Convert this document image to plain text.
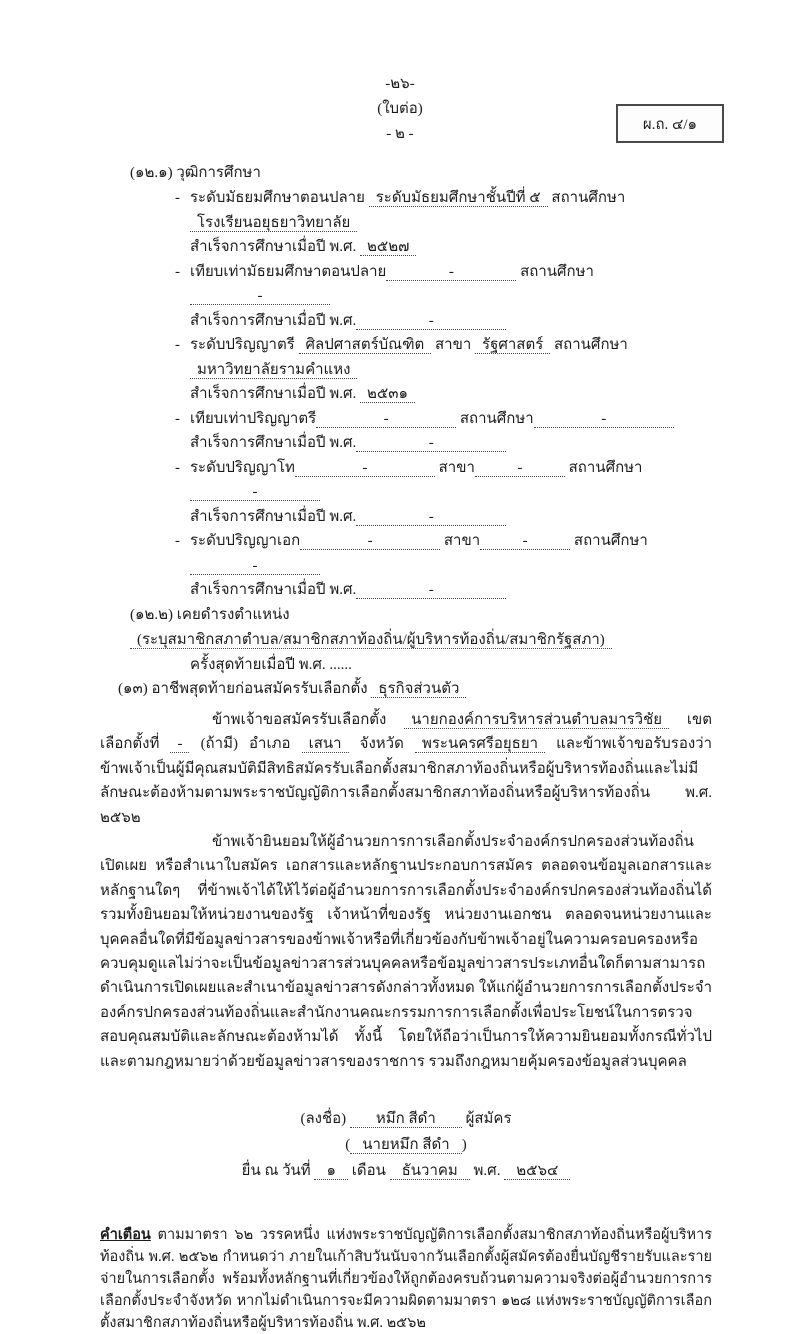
-๒๖-
(ใบต่อ)
- ๒ -
ผ.ถ. ๔/๑
(๑๒.๑) วุฒิการศึกษา
- ระดับมัธยมศึกษาตอนปลาย ระดับมัธยมศึกษาชั้นปีที่ ๕ สถานศึกษา โรงเรียนอยุธยาวิทยาลัย
สำเร็จการศึกษาเมื่อปี พ.ศ. ๒๕๒๗
- เทียบเท่ามัธยมศึกษาตอนปลาย	-	สถานศึกษา-
สำเร็จการศึกษาเมื่อปี พ.ศ.	-
- ระดับปริญญาตรี ศิลปศาสตร์บัณฑิต สาขา รัฐศาสตร์ สถานศึกษา มหาวิทยาลัยรามคำแหง
สำเร็จการศึกษาเมื่อปี พ.ศ. ๒๕๓๑
- เทียบเท่าปริญญาตรี	-	สถานศึกษา	-
สำเร็จการศึกษาเมื่อปี พ.ศ.	-
- ระดับปริญญาโท	-	สาขา	-	สถานศึกษา-
สำเร็จการศึกษาเมื่อปี พ.ศ.	-
- ระดับปริญญาเอก	-	สาขา	-	สถานศึกษา-
สำเร็จการศึกษาเมื่อปี พ.ศ.	-
(๑๒.๒) เคยดำรงตำแหน่ง (ระบุสมาชิกสภาตำบล/สมาชิกสภาท้องถิ่น/ผู้บริหารท้องถิ่น/สมาชิกรัฐสภา)
ครั้งสุดท้ายเมื่อปี พ.ศ. ......
(๑๓) อาชีพสุดท้ายก่อนสมัครรับเลือกตั้ง ธุรกิจส่วนตัว

ข้าพเจ้าขอสมัครรับเลือกตั้ง นายกองค์การบริหารส่วนตำบลมารวิชัย เขตเลือกตั้งที่ - (ถ้ามี) อำเภอ เสนา จังหวัด พระนครศรีอยุธยา และข้าพเจ้าขอรับรองว่า ข้าพเจ้าเป็นผู้มีคุณสมบัติมีสิทธิสมัครรับเลือกตั้งสมาชิกสภาท้องถิ่นหรือผู้บริหารท้องถิ่นและไม่มีลักษณะต้องห้ามตามพระราชบัญญัติการเลือกตั้งสมาชิกสภาท้องถิ่นหรือผู้บริหารท้องถิ่น พ.ศ. ๒๕๖๒

ข้าพเจ้ายินยอมให้ผู้อำนวยการการเลือกตั้งประจำองค์กรปกครองส่วนท้องถิ่นเปิดเผย หรือสำเนาใบสมัคร เอกสารและหลักฐานประกอบการสมัคร ตลอดจนข้อมูลเอกสารและหลักฐานใดๆ ที่ข้าพเจ้าได้ให้ไว้ต่อผู้อำนวยการการเลือกตั้งประจำองค์กรปกครองส่วนท้องถิ่นได้ รวมทั้งยินยอมให้หน่วยงานของรัฐ เจ้าหน้าที่ของรัฐ หน่วยงานเอกชน ตลอดจนหน่วยงานและบุคคลอื่นใดที่มีข้อมูลข่าวสารของข้าพเจ้าหรือที่เกี่ยวข้องกับข้าพเจ้าอยู่ในความครอบครองหรือควบคุมดูแลไม่ว่าจะเป็นข้อมูลข่าวสารส่วนบุคคลหรือข้อมูลข่าวสารประเภทอื่นใดก็ตามสามารถดำเนินการเปิดเผยและสำเนาข้อมูลข่าวสารดังกล่าวทั้งหมด ให้แก่ผู้อำนวยการการเลือกตั้งประจำองค์กรปกครองส่วนท้องถิ่นและสำนักงานคณะกรรมการการเลือกตั้งเพื่อประโยชน์ในการตรวจสอบคุณสมบัติและลักษณะต้องห้ามได้ ทั้งนี้ โดยให้ถือว่าเป็นการให้ความยินยอมทั้งกรณีทั่วไป และตามกฎหมายว่าด้วยข้อมูลข่าวสารของราชการ รวมถึงกฎหมายคุ้มครองข้อมูลส่วนบุคคล

(ลงชื่อ) หมึก สีดำ ผู้สมัคร
( นายหมึก สีดำ )
ยื่น ณ วันที่ ๑ เดือน ธันวาคม พ.ศ. ๒๕๖๔

คำเตือน ตามมาตรา ๖๒ วรรคหนึ่ง แห่งพระราชบัญญัติการเลือกตั้งสมาชิกสภาท้องถิ่นหรือผู้บริหารท้องถิ่น พ.ศ. ๒๕๖๒ กำหนดว่า ภายในเก้าสิบวันนับจากวันเลือกตั้งผู้สมัครต้องยื่นบัญชีรายรับและรายจ่ายในการเลือกตั้ง พร้อมทั้งหลักฐานที่เกี่ยวข้องให้ถูกต้องครบถ้วนตามความจริงต่อผู้อำนวยการการเลือกตั้งประจำจังหวัด หากไม่ดำเนินการจะมีความผิดตามมาตรา ๑๒๘ แห่งพระราชบัญญัติการเลือกตั้งสมาชิกสภาท้องถิ่นหรือผู้บริหารท้องถิ่น พ.ศ. ๒๕๖๒
